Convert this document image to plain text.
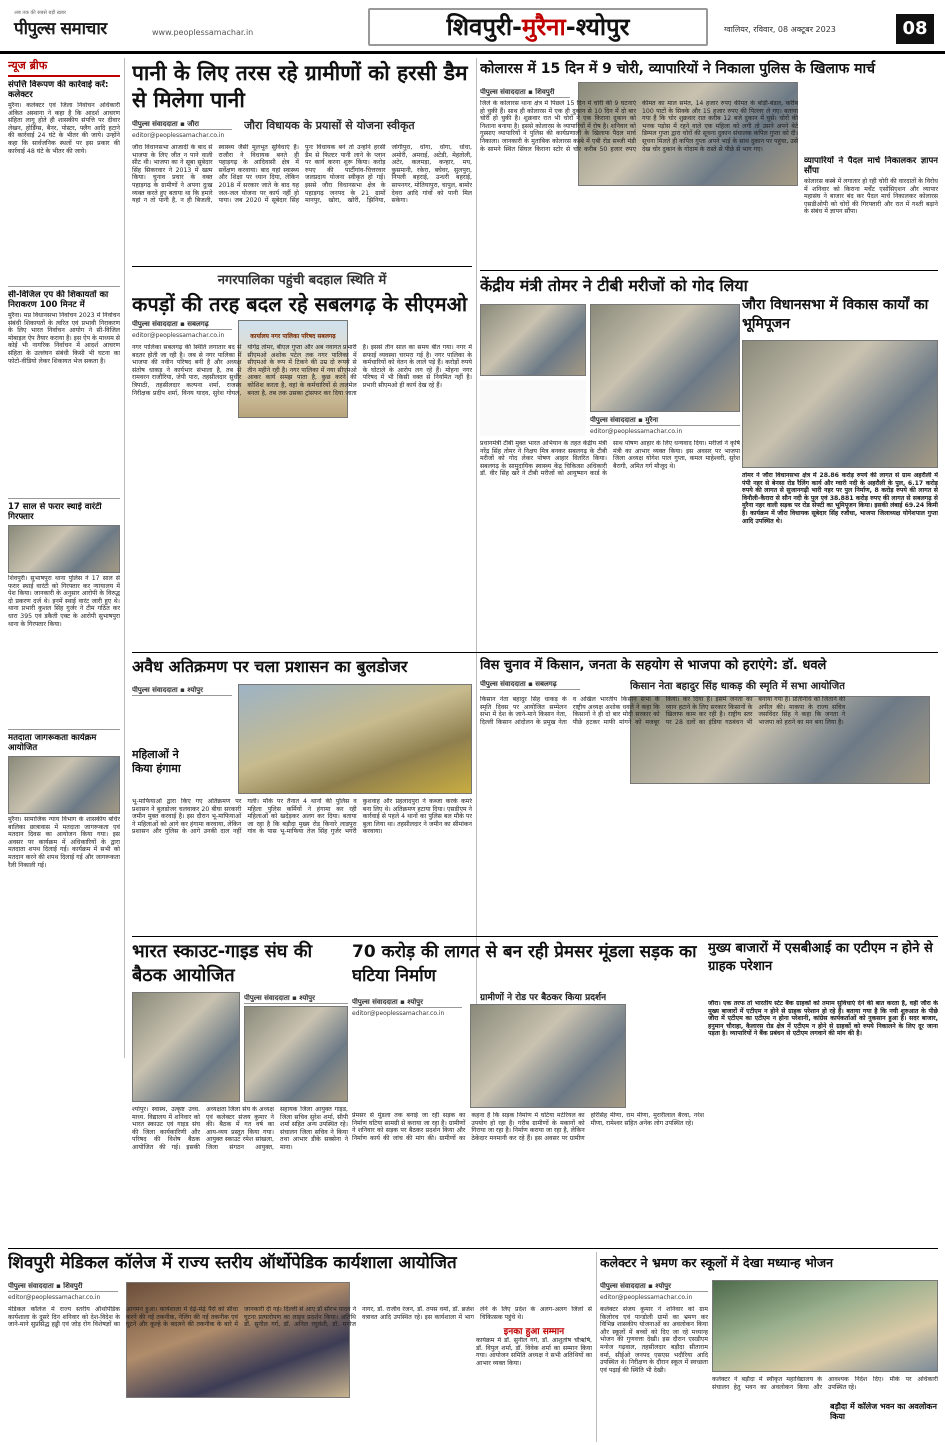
अब तक की सबसे बड़ी ख़बर
पीपुल्स समाचार	www.peoplessamachar.in	शिवपुरी-मुरैना-श्योपुर	ग्वालियर, रविवार, 08 अक्टूबर 2023	08
न्यूज ब्रीफ
संपत्ति विरूपण की कार्रवाई करें: कलेक्टर
मुरैना। कलेक्टर एवं जिला निर्वाचन अधिकारी अंकित अस्थाना ने कहा है कि आदर्श आचरण संहिता लागू होते ही शासकीय संपत्ति पर दीवार लेखन, होर्डिंग्स, बैनर, पोस्टर, फ्लैग आदि हटाने की कार्रवाई 24 घंटे के भीतर की जाये। उन्होंने कहा कि सार्वजनिक स्थलों पर इस प्रकार की कार्रवाई 48 घंटे के भीतर की जाये।
सी-विजिल एप की शिकायतों का निराकरण 100 मिनट में
मुरैना। मप्र विधानसभा निर्वाचन 2023 में निर्वाचन संबंधी शिकायतों के त्वरित एवं प्रभावी निराकरण के लिए भारत निर्वाचन आयोग ने सी-विजिल मोबाइल ऐप तैयार कराया है। इस ऐप के माध्यम से कोई भी नागरिक निर्वाचन में आदर्श आचरण संहिता के उल्लंघन संबंधी किसी भी घटना का फोटो-वीडियो लेकर शिकायत भेज सकता है।
17 साल से फरार स्थाई वारंटी गिरफ्तार
शिवपुरी। सुभाषपुरा थाना पुलिस ने 17 साल से फरार स्थाई वारंटी को गिरफ्तार कर न्यायालय में पेश किया। जानकारी के अनुसार आरोपी के विरुद्ध दो प्रकरण दर्ज थे। इनमें स्थाई वारंट जारी हुए थे। थाना प्रभारी कुशल सिंह गुर्जर ने टीम गठित कर धारा 395 एवं डकैती एक्ट के आरोपी सुभाषपुरा थाना के गिरफ्तार किया।
मतदाता जागरूकता कार्यक्रम आयोजित
मुरैना। सामाजिक न्याय विभाग के शासकीय बधिर बालिका छात्रावास में मतदाता जागरूकता एवं मतदान दिवस का आयोजन किया गया। इस अवसर पर कार्यक्रम में अधिकारियों के द्वारा मतदाता शपथ दिलाई गई। कार्यक्रम में सभी को मतदान करने की शपथ दिलाई गई और जागरूकता रैली निकाली गई।
पानी के लिए तरस रहे ग्रामीणों को हरसी डैम से मिलेगा पानी
पीपुल्स संवाददाता ▪ जौरा
editor@peoplessamachar.co.in
जौरा विधायक के प्रयासों से योजना स्वीकृत
जौरा विधानसभा आजादी के बाद से भाजपा के लिए जीत न पाने वाली सीट थी। भाजपा का ने सूबा सूबेदार सिंह सिकरवार ने 2013 में खत्म किया। चुनाव प्रचार के वक्त पहाड़गढ़ के ग्रामीणों ने अपना दुःख व्यक्त करते हुए बताया था कि हमारे यहां न तो पानी है, न ही बिजली, स्वास्थ्य जैसी मूलभूत सुविधाएं हैं। राजौरा ने विधायक बनते ही पहाड़गढ़ के आदिवासी क्षेत्र में सर्वेक्षण करवाया। बाद यहां स्वास्थ्य और शिक्षा पर ध्यान दिया, लेकिन 2018 में सरकार जाते के बाद यह जल-जल योजना पर कार्य नहीं हो पाया। जब 2020 में सूबेदार सिंह पुनः विधायक बने तो उन्होंने हरसी डैम से फिल्टर पानी लाने के प्लान पर कार्य करना शुरू किया। करोड़ रुपए की पार्टीगांव-चित्तरवार जलप्रदाय योजना स्वीकृत हो गई। इससे जौरा विधानसभा क्षेत्र के पहाड़गढ़ जनपद के 21 ग्रामों मानपुर, खोरा, खोरी, झिनिया, जोगीपुरा, धोंगा, धोंगा, धोंधा, अमोरी, अमराई, अटेडी, मेहतोली, अटेर, कलमड़ा, कन्हार, मय, कुसमानी, रकेरा, बघेवर, सुलपुरा, निपली बहराई, उन्धरी बहराई, सापनगर, मोतियापुरा, चापुल, बामोर देवरा आदि गांवों को पानी मिल सकेगा।
कोलारस में 15 दिन में 9 चोरी, व्यापारियों ने निकाला पुलिस के खिलाफ मार्च
पीपुल्स संवाददाता ▪ शिवपुरी
जिले के कोलारस थाना क्षेत्र में पिछले 15 दिन में चोरी की 9 घटनाएं हो चुकी हैं। साथ ही कोलारस में एक ही दुकान से 10 दिन में दो बार चोरी हो चुकी है। शुक्रवार रात भी चोरों ने एक किराना दुकान को निशाना बनाया है। इससे कोलारस के व्यापारियों में रोष है। शनिवार को गुस्साए व्यापारियों ने पुलिस की कार्यप्रणाली के खिलाफ पैदल मार्च निकाला। जानकारी के मुताबिक कोलारस कस्बे में एबी रोड सब्जी मंडी के सामने स्थित सिंघल किराना स्टोर से चोर करीब 50 हजार रुपए कीमत का माल समेत, 14 हजार रुपए कीमत के बोड़ी-बंडल, करीब 100 पाटों के सिक्के और 15 हजार रुपए की पिल्लर ले गए। बताया गया है कि चोर शुक्रवार रात करीब 12 बजे दुकान में घुसे। चोरों की भनक पड़ोस में रहने वाले एक महिला को लगी तो उसने अपने बेटे डिम्पल गुप्ता द्वारा चोरों की सूचना दुकान संचालक कपिल गुप्ता को दी। सूचना मिलते ही कपिल गुप्ता अपने भाई के साथ दुकान पर पहुंचा, उसे देख चोर दुकान के गोदाम के रास्ते से पीछे से भाग गए।
व्यापारियों ने पैदल मार्च निकालकर ज्ञापन सौंपा
कोलारस कस्बे में लगातार हो रही चोरी की वारदातों के विरोध में शनिवार को किराना मर्चेंट एसोसिएशन और व्यापार महासंघ ने बाजार बंद कर पैदल मार्च निकालकर कोलारस एसडीओपी को चोरों की गिरफ्तारी और रात में गश्ती बढ़ाने के संबंध में ज्ञापन सौंपा।
नगरपालिका पहुंची बदहाल स्थिति में
कपड़ों की तरह बदल रहे सबलगढ़ के सीएमओ
पीपुल्स संवाददाता ▪ सबलगढ़
editor@peoplessamachar.co.in	कार्यालय नगर पालिका परिषद सबलगढ़
नगर पालिका सबलगढ़ की स्थिति लगातार बद से बदतर होती जा रही है। जब से नगर पालिका में भाजपा की नवीन परिषद बनी है और अध्यक्ष संतोष धाकड़ ने कार्यभार संभाला है, तब से रामवरन राजौरिया, जेपी पारा, तहसीलदार सुधीर त्रिपाठी, तहसीलदार कल्पना शर्मा, राजस्व निरीक्षक प्रदीप शर्मा, विनय यादव, सुरेश गोयल, योगेंद्र तोमर, बीएल गुप्ता और अब नवागत प्रभारी सीएमओ अशोक पटेल तक नगर पालिका में सीएमओ के रूप में टिकने की उम्र दो रूपये से तीन महीने रही है। नगर पालिका में नया सीएमओ आकर कार्य समझ पाता है, कुछ करने की कोशिश करता है, वहां के कर्मचारियों से तालमेल बनता है, तब तक उसका ट्रांसफर कर दिया जाता है। इससे तीन साल का समय बीत गया। नगर में सफाई व्यवस्था चरमरा गई है। नगर पालिका के कर्मचारियों को वेतन के लाले पड़े हैं। करोड़ों रुपये के घोटाले के आरोप लग रहे हैं। मोहना नगर परिषद में भी किसी वक्त से नियमित नहीं है। प्रभारी सीएमओ ही कार्य देख रहे हैं।
केंद्रीय मंत्री तोमर ने टीबी मरीजों को गोद लिया
पीपुल्स संवाददाता ▪ मुरैना
editor@peoplessamachar.co.in
प्रधानमंत्री टीबी मुक्त भारत अभियान के तहत केंद्रीय मंत्री नरेंद्र सिंह तोमर ने निक्षय मित्र बनकर सबलगढ़ के टीबी मरीजों को गोद लेकर पोषण आहार वितरित किया। सबलगढ़ के सामुदायिक स्वास्थ्य केंद्र चिकित्सा अधिकारी डॉ. वीर सिंह खरे ने टीबी मरीजों को आयुष्मान कार्ड के साथ पोषण आहार के लिए धन्यवाद दिया। मरीजों ने कृषि मंत्री का आभार व्यक्त किया। इस अवसर पर भाजपा जिला अध्यक्ष योगेश पाल गुप्ता, कमल माहेश्वरी, सुरेश बैरागी, अमित गर्ग मौजूद थे।
जौरा विधानसभा में विकास कार्यों का भूमिपूजन
तोमर ने जौरा विधानसभा क्षेत्र में 28.86 करोड़ रुपये की लागत से ग्राम अहरौली में पंपी नहर से बेनसा रोड रैलिंग कार्य और ग्वारी नदी के अहरौली के पुल, 6.17 करोड़ रुपये की लागत से सुजानगढ़ी भारी नहर पर पुल निर्माण, 8 करोड़ रुपये की लागत से विनौली-कैरारा से सौन नदी के पुल एवं 38.881 करोड़ रुपए की लागत से सबलगढ़ से मुरैना नहर वाली सड़क पर रोड सेफ्टी का भूमिपूजन किया। इसकी लंबाई 69.24 किमी है। कार्यक्रम में जौरा विधायक सूबेदार सिंह रजौधा, भाजपा जिलाध्यक्ष योगेशपाल गुप्ता आदि उपस्थित थे।
अवैध अतिक्रमण पर चला प्रशासन का बुलडोजर
पीपुल्स संवाददाता ▪ श्योपुर
महिलाओं ने किया हंगामा
भू-माफियाओं द्वारा किए गए अतिक्रमण पर प्रशासन ने बुलडोजर चलवाकर 20 बीघा सरकारी जमीन मुक्त करवाई है। इस दौरान भू-माफियाओं ने महिलाओं को आगे कर हंगामा करवाया, लेकिन प्रशासन और पुलिस के आगे उनकी दाल नहीं गली। मौके पर तैनात 4 थानों की पुलिस व महिला पुलिस कर्मियों ने हंगामा कर रही महिलाओं को खदेड़कर अलग कर दिया। बताया जा रहा है कि बड़ौदा मुख्य रोड किनारे लाडपुरा गांव के पास भू-माफिया तेज सिंह गुर्जर भगरी कुशवाह और प्रहलादपुरा ने कब्जा करके कमरे बना लिए थे। अतिक्रमण हटाया दिया। एसडीएम ने कार्रवाई से पहले 4 थानों का पुलिस बल मौके पर बुला लिया था। तहसीलदार ने जमीन का सीमांकन करवाया।
विस चुनाव में किसान, जनता के सहयोग से भाजपा को हराएंगे: डॉ. धवले
किसान नेता बहादुर सिंह धाकड़ की स्मृति में सभा आयोजित
पीपुल्स संवाददाता ▪ सबलगढ़
किसान नेता बहादुर सिंह धाकड़ के स्मृति दिवस पर आयोजित सम्मेलन सभा में देश के जाने-माने किसान नेता, दिल्ली किसान आंदोलन के प्रमुख नेता व अखिल भारतीय किसान सभा के राष्ट्रीय अध्यक्ष अशोक धवले ने कहा कि किसानों ने ही दो बार मोदी सरकार को पीछे हटकर माफी मांगने को मजबूर किया। कर दिया है। इसमें जनता का ध्यान हटाने के लिए सरकार किसानों के खिलाफ काम कर रही है। राष्ट्रीय स्तर पर 28 दलों का इंडिया गठबंधन भी बनाया गया है। प्रतिनिधि को जिताने की अपील की। माकपा के राज्य सचिव जसविंदर सिंह ने कहा कि जनता ने भाजपा को हराने का मन बना लिया है।
भारत स्काउट-गाइड संघ की बैठक आयोजित
पीपुल्स संवाददाता ▪ श्योपुर
श्योपुर। स्वास्थ, उत्कृष्ट उच्च. माध्य. विद्यालय में शनिवार को भारत स्काउट एवं गाइड संघ की जिला कार्यकारिणी और परिषद की विशेष बैठक आयोजित की गई। इसकी अध्यक्षता जिला संघ के अध्यक्ष एवं कलेक्टर संजय कुमार ने की। बैठक में गत वर्ष का आय-व्यय प्रस्तुत किया गया। आयुक्त स्काउट रमेश सांखला, जिला संगठन आयुक्त, सहायक जिला आयुक्त गाइड, जिला सचिव सुरेश शर्मा, सीपी शर्मा सहित अन्य उपस्थित रहे। संचालन जिला सचिव ने किया तथा आभार डीके सक्सेना ने माना।
70 करोड़ की लागत से बन रही प्रेमसर मूंडला सड़क का घटिया निर्माण
ग्रामीणों ने रोड पर बैठकर किया प्रदर्शन
पीपुल्स संवाददाता ▪ श्योपुर
editor@peoplessamachar.co.in
प्रेमसर से मूंडला तक बनाई जा रही सड़क का निर्माण घटिया सामग्री से कराया जा रहा है। ग्रामीणों ने शनिवार को सड़क पर बैठकर प्रदर्शन किया और निर्माण कार्य की जांच की मांग की। ग्रामीणों का कहना है कि सड़क निर्माण में घटिया मटेरियल का उपयोग हो रहा है। गरीब ग्रामीणों के मकानों को गिराया जा रहा है। निर्माण कराया जा रहा है, लेकिन ठेकेदार मनमानी कर रहे हैं। इस अवसर पर ग्रामीण हरिसिंह मीणा, राम मीणा, मुरारीलाल बैरवा, नरेश मीणा, रामेश्वर सहित अनेक लोग उपस्थित रहे।
मुख्य बाजारों में एसबीआई का एटीएम न होने से ग्राहक परेशान
जौरा। एक तरफ तो भारतीय स्टेट बैंक ग्राहकों को तमाम सुविधाएं देने की बात करता है, वहीं जौरा के मुख्य बाजारों में एटीएम न होने से ग्राहक परेशान हो रहे हैं। बताया गया है कि नयी शुरुआत के पीछे जौरा में एटीएम का एटीएम न होना परेशानी, कांग्रेस कार्यकर्ताओं को नुकसान हुआ है। सदर बाजार, हनुमान चौराहा, कैलारस रोड क्षेत्र में एटीएम न होने से ग्राहकों को रुपये निकालने के लिए दूर जाना पड़ता है। व्यापारियों ने बैंक प्रबंधन से एटीएम लगवाने की मांग की है।
शिवपुरी मेडिकल कॉलेज में राज्य स्तरीय ऑर्थोपेडिक कार्यशाला आयोजित
पीपुल्स संवाददाता ▪ शिवपुरी
editor@peoplessamachar.co.in
मेडिकल कॉलेज में राज्य स्तरीय ऑर्थोपेडिक कार्यशाला के दूसरे दिन शनिवार को देश-विदेश के जाने-माने सुप्रसिद्ध हड्डी एवं जोड़ रोग विशेषज्ञों का आगमन हुआ। कार्यशाला में देढ़े-मेढ़े पैरों को सीधा करने की नई तकनीक, नेलिंग की नई तकनीक एवं घुटने और कूल्हे के बदलने की तकनीक के बारे में जानकारी दी गई। दिल्ली से आए डॉ सौरभ यादव ने घुटना प्रत्यारोपण का लाइव प्रदर्शन किया। अतिथि डॉ. सुनील गर्ग, डॉ. अनिल रघुवंशी, डॉ. मनोज नागर, डॉ. राजीव रंजन, डॉ. तपस वर्मा, डॉ. ब्रजेश वत्रावत आदि उपस्थित रहे। इस कार्यशाला में भाग लेने के लिए प्रदेश के अलग-अलग जिलों से चिकित्सक पहुंचे थे।
इनका हुआ सम्मान
कार्यक्रम में डॉ. सुनील गर्ग, डॉ. आशुतोष चौऋषि, डॉ. विपुल शर्मा, डॉ. विवेक शर्मा का सम्मान किया गया। आयोजन समिति अध्यक्ष ने सभी अतिथियों का आभार व्यक्त किया।
कलेक्टर ने भ्रमण कर स्कूलों में देखा मध्यान्ह भोजन
पीपुल्स संवाददाता ▪ श्योपुर
editor@peoplessamachar.co.in
कलेक्टर संजय कुमार ने शनिवार को ग्राम किलोरच एवं पान्डोली ग्रामों का भ्रमण कर विभिन्न शासकीय योजनाओं का अवलोकन किया और स्कूलों में बच्चों को दिए जा रहे मध्यान्ह भोजन की गुणवत्ता देखी। इस दौरान एसडीएम मनोज गढ़वाल, तहसीलदार बड़ौदा सीताराम वर्मा, सीईओ जनपद एसएस भदौरिया आदि उपस्थित थे। निरीक्षण के दौरान स्कूल में स्वच्छता एवं पढ़ाई की स्थिति भी देखी।
कलेक्टर ने बड़ौदा में स्वीकृत महाविद्यालय के संचालन हेतु भवन का अवलोकन किया और आवश्यक निर्देश दिए। मौके पर अधिकारी उपस्थित रहे।
बड़ौदा में कॉलेज भवन का अवलोकन किया
